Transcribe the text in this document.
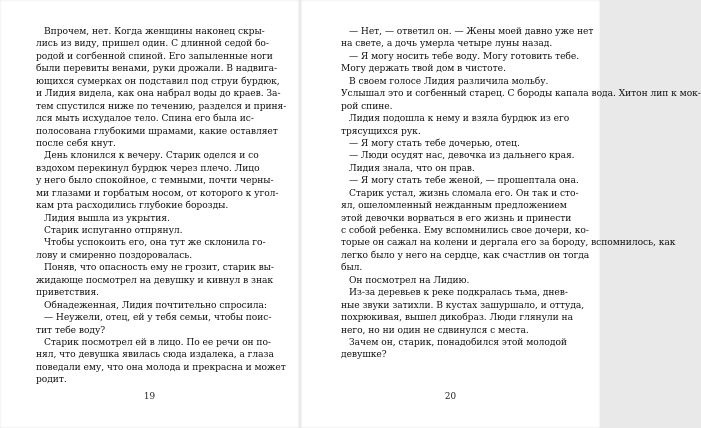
Впрочем, нет. Когда женщины наконец скры-
лись из виду, пришел один. С длинной седой бо-
родой и согбенной спиной. Его запыленные ноги
были перевиты венами, руки дрожали. В надвига-
ющихся сумерках он подставил под струи бурдюк,
и Лидия видела, как она набрал воды до краев. За-
тем спустился ниже по течению, разделся и приня-
лся мыть исхудалое тело. Спина его была ис-
полосована глубокими шрамами, какие оставляет
после себя кнут.
День клонился к вечеру. Старик оделся и со
вздохом перекинул бурдюк через плечо. Лицо
у него было спокойное, с темными, почти черны-
ми глазами и горбатым носом, от которого к угол-
кам рта расходились глубокие борозды.
Лидия вышла из укрытия.
Старик испуганно отпрянул.
Чтобы успокоить его, она тут же склонила го-
лову и смиренно поздоровалась.
Поняв, что опасность ему не грозит, старик вы-
жидающе посмотрел на девушку и кивнул в знак
приветствия.
Обнадеженная, Лидия почтительно спросила:
— Неужели, отец, ей у тебя семьи, чтобы поис-
тит тебе воду?
Старик посмотрел ей в лицо. По ее речи он по-
нял, что девушка явилась сюда издалека, а глаза
поведали ему, что она молода и прекрасна и может
родит.
19
— Нет, — ответил он. — Жены моей давно уже нет
на свете, а дочь умерла четыре луны назад.
— Я могу носить тебе воду. Могу готовить тебе.
Могу держать твой дом в чистоте.
В своем голосе Лидия различила мольбу.
Услышал это и согбенный старец. С бороды капала вода. Хитон лип к мок-
рой спине.
Лидия подошла к нему и взяла бурдюк из его
трясущихся рук.
— Я могу стать тебе дочерью, отец.
— Люди осудят нас, девочка из дальнего края.
Лидия знала, что он прав.
— Я могу стать тебе женой, — прошептала она.
Старик устал, жизнь сломала его. Он так и сто-
ял, ошеломленный нежданным предложением
этой девочки ворваться в его жизнь и принести
с собой ребенка. Ему вспомнились свое дочери, ко-
торые он сажал на колени и дергала его за бороду, вспомнилось, как
легко было у него на сердце, как счастлив он тогда
был.
Он посмотрел на Лидию.
Из-за деревьев к реке подкралась тьма, днев-
ные звуки затихли. В кустах зашуршало, и оттуда,
похрюкивая, вышел дикобраз. Люди глянули на
него, но ни один не сдвинулся с места.
Зачем он, старик, понадобился этой молодой
девушке?
20
